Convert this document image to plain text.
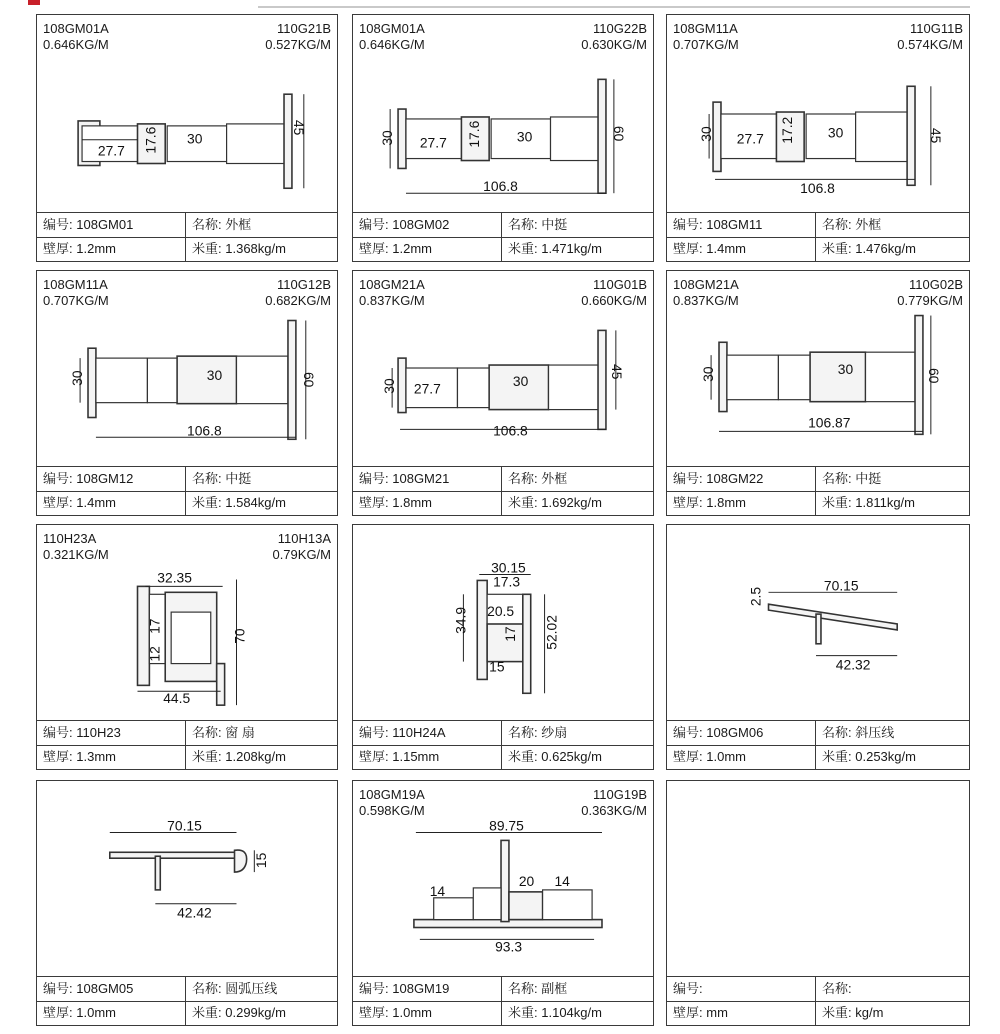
27.7 17.6 30
45
108GM01A
0.646KG/M
110G21B
0.527KG/M
编号: 108GM01	名称: 外框
壁厚: 1.2mm	米重: 1.368kg/m
30 27.7 17.6 30	60
106.8
108GM01A
0.646KG/M
110G22B
0.630KG/M
编号: 108GM02	名称: 中挺
壁厚: 1.2mm	米重: 1.471kg/m
30 27.7 17.2 30	45
106.8
108GM11A
0.707KG/M
110G11B
0.574KG/M
编号: 108GM11	名称: 外框
壁厚: 1.4mm	米重: 1.476kg/m
30	30	60
106.8
108GM11A
0.707KG/M
110G12B
0.682KG/M
编号: 108GM12	名称: 中挺
壁厚: 1.4mm	米重: 1.584kg/m
30 27.7	30
45
106.8
108GM21A
0.837KG/M
110G01B
0.660KG/M
编号: 108GM21	名称: 外框
壁厚: 1.8mm	米重: 1.692kg/m
30	30	60
106.87
108GM21A
0.837KG/M
110G02B
0.779KG/M
编号: 108GM22	名称: 中挺
壁厚: 1.8mm	米重: 1.811kg/m
32.35
17
12
70
44.5
110H23A
0.321KG/M
110H13A
0.79KG/M
编号: 110H23	名称: 窗 扇
壁厚: 1.3mm	米重: 1.208kg/m
30.15
17.3
20.5
34.9
17 52.02
15
编号: 110H24A	名称: 纱扇
壁厚: 1.15mm	米重: 0.625kg/m
2.5
70.15
42.32
编号: 108GM06	名称: 斜压线
壁厚: 1.0mm	米重: 0.253kg/m
70.15
15
42.42
编号: 108GM05	名称: 圆弧压线
壁厚: 1.0mm	米重: 0.299kg/m
89.75
14
20 14
93.3
108GM19A
0.598KG/M
110G19B
0.363KG/M
编号: 108GM19	名称: 副框
壁厚: 1.0mm	米重: 1.104kg/m
编号:	名称:
壁厚: mm	米重: kg/m
